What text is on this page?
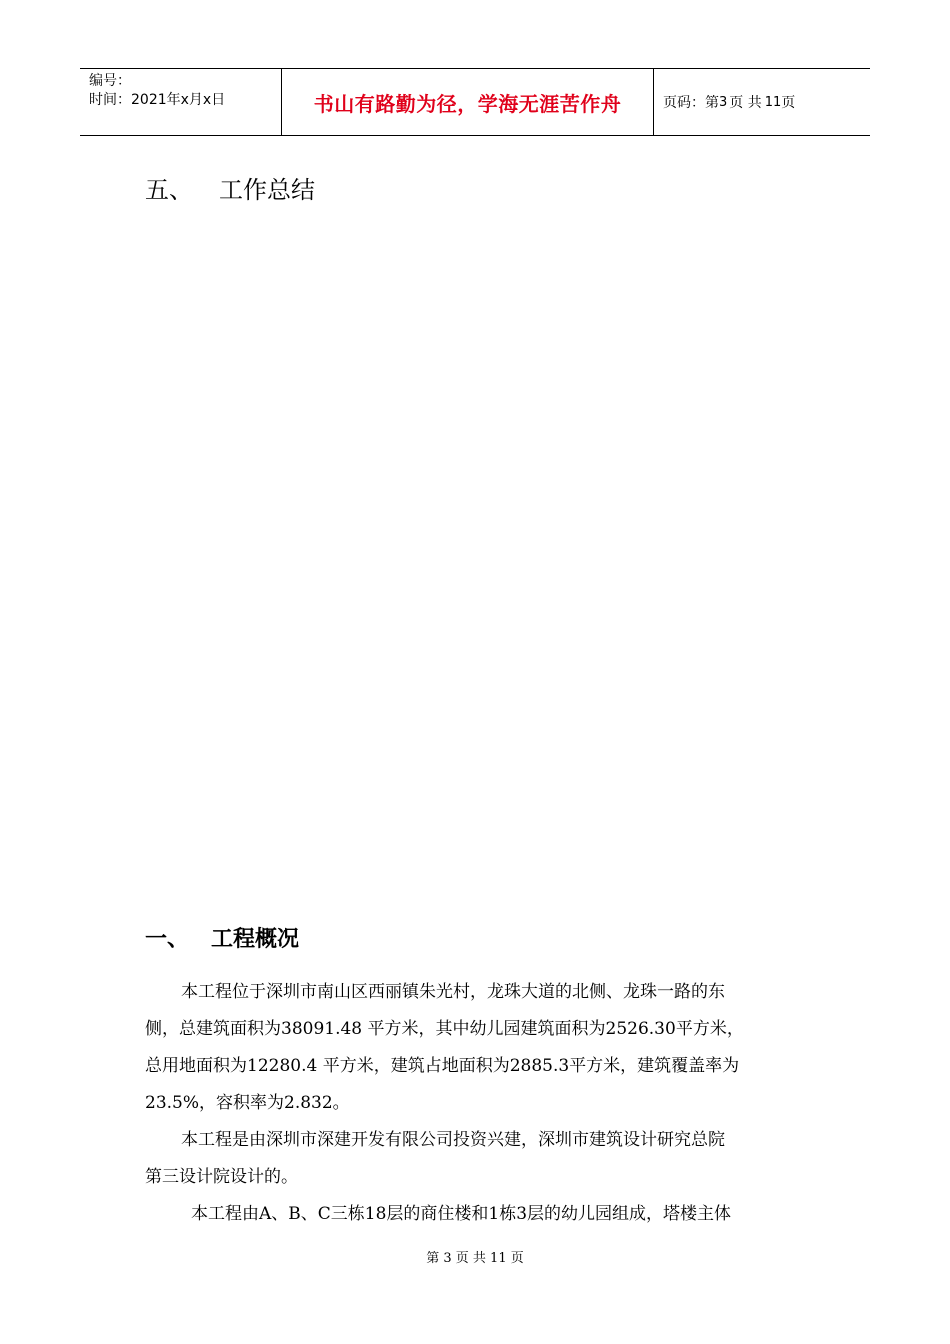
编号：
时间：2021年x月x日	书山有路勤为径，学海无涯苦作舟	页码：第 3 页 共 11 页
五、 工作总结
一、 工程概况
本工程位于深圳市南山区西丽镇朱光村，龙珠大道的北侧、龙珠一路的东
侧，总建筑面积为38091.48 平方米，其中幼儿园建筑面积为2526.30平方米，
总用地面积为12280.4 平方米，建筑占地面积为2885.3平方米，建筑覆盖率为
23.5%，容积率为2.832。
本工程是由深圳市深建开发有限公司投资兴建，深圳市建筑设计研究总院
第三设计院设计的。
本工程由A、B、C三栋18层的商住楼和1栋3层的幼儿园组成，塔楼主体
第 3 页 共 11 页
